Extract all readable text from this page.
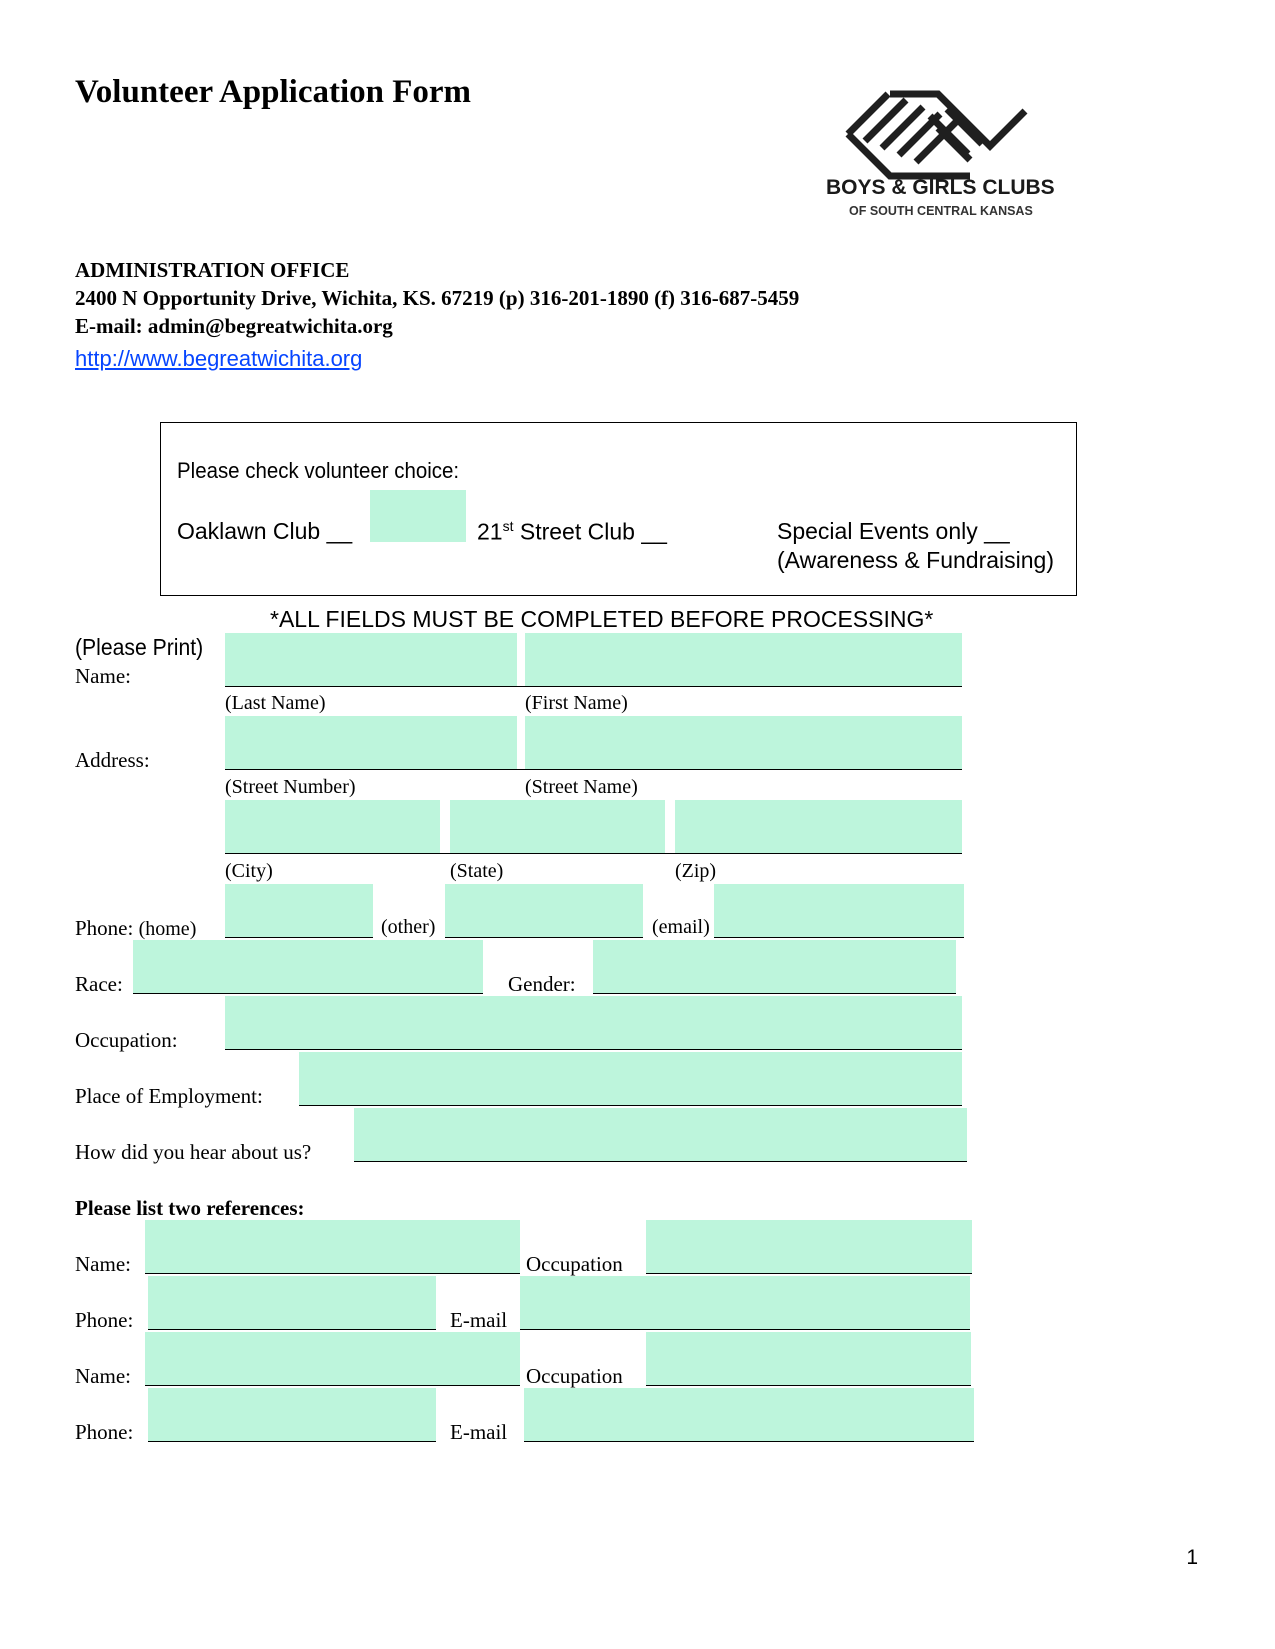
Volunteer Application Form
BOYS & GIRLS CLUBS
OF SOUTH CENTRAL KANSAS
ADMINISTRATION OFFICE
2400 N Opportunity Drive, Wichita, KS. 67219 (p) 316-201-1890 (f) 316-687-5459
E-mail: admin@begreatwichita.org
http://www.begreatwichita.org
Please check volunteer choice:
Oaklawn Club __	21st Street Club __	Special Events only __
(Awareness & Fundraising)
*ALL FIELDS MUST BE COMPLETED BEFORE PROCESSING*
(Please Print)
Name:
(Last Name)	(First Name)
Address:
(Street Number)	(Street Name)
(City)	(State)	(Zip)
Phone: (home)	(other)	(email)
Race:	Gender:
Occupation:
Place of Employment:
How did you hear about us?
Please list two references:
Name:	Occupation
Phone:	E-mail
Name:	Occupation
Phone:	E-mail
1
